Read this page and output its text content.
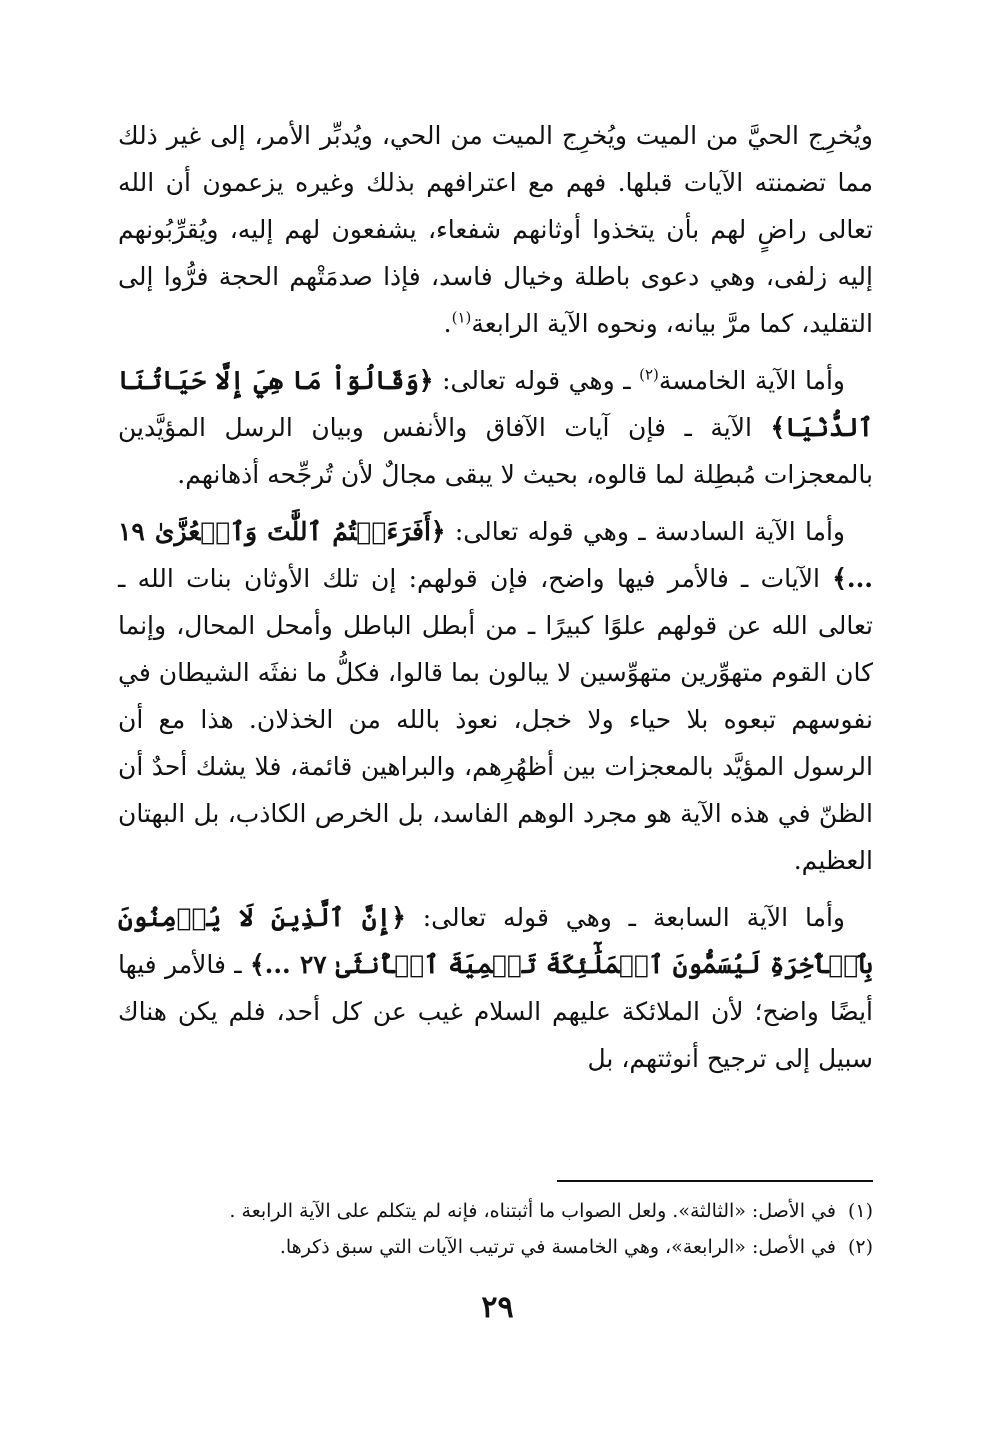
ويُخرِج الحيَّ من الميت ويُخرِج الميت من الحي، ويُدبِّر الأمر، إلى غير ذلك مما تضمنته الآيات قبلها. فهم مع اعترافهم بذلك وغيره يزعمون أن الله تعالى راضٍ لهم بأن يتخذوا أوثانهم شفعاء، يشفعون لهم إليه، ويُقرِّبُونهم إليه زلفى، وهي دعوى باطلة وخيال فاسد، فإذا صدمَتْهم الحجة فرُّوا إلى التقليد، كما مرَّ بيانه، ونحوه الآية الرابعة$^{(١)}$.

وأما الآية الخامسة$^{(٢)}$ ـ وهي قوله تعالى: ﴿وَقَالُوٓاْ مَا هِيَ إِلَّا حَيَاتُنَا ٱلدُّنْيَا﴾ الآية ـ فإن آيات الآفاق والأنفس وبيان الرسل المؤيَّدين بالمعجزات مُبطِلة لما قالوه، بحيث لا يبقى مجالٌ لأن تُرجِّحه أذهانهم.

وأما الآية السادسة ـ وهي قوله تعالى: ﴿أَفَرَءَيۡتُمُ ٱللَّٰتَ وَٱلۡعُزَّىٰ ١٩ ...﴾ الآيات ـ فالأمر فيها واضح، فإن قولهم: إن تلك الأوثان بنات الله ـ تعالى الله عن قولهم علوًا كبيرًا ـ من أبطل الباطل وأمحل المحال، وإنما كان القوم متهوِّرين متهوِّسين لا يبالون بما قالوا، فكلُّ ما نفثَه الشيطان في نفوسهم تبعوه بلا حياء ولا خجل، نعوذ بالله من الخذلان. هذا مع أن الرسول المؤيَّد بالمعجزات بين أظهُرِهم، والبراهين قائمة، فلا يشك أحدٌ أن الظنّ في هذه الآية هو مجرد الوهم الفاسد، بل الخرص الكاذب، بل البهتان العظيم.

وأما الآية السابعة ـ وهي قوله تعالى: ﴿إِنَّ ٱلَّذِينَ لَا يُؤۡمِنُونَ بِٱلۡأٓخِرَةِ لَيُسَمُّونَ ٱلۡمَلَٰٓئِكَةَ تَسۡمِيَةَ ٱلۡأُنثَىٰ ٢٧ ...﴾ ـ فالأمر فيها أيضًا واضح؛ لأن الملائكة عليهم السلام غيب عن كل أحد، فلم يكن هناك سبيل إلى ترجيح أنوثتهم، بل

(١)في الأصل: «الثالثة». ولعل الصواب ما أثبتناه، فإنه لم يتكلم على الآية الرابعة .

(٢)في الأصل: «الرابعة»، وهي الخامسة في ترتيب الآيات التي سبق ذكرها.

٢٩
